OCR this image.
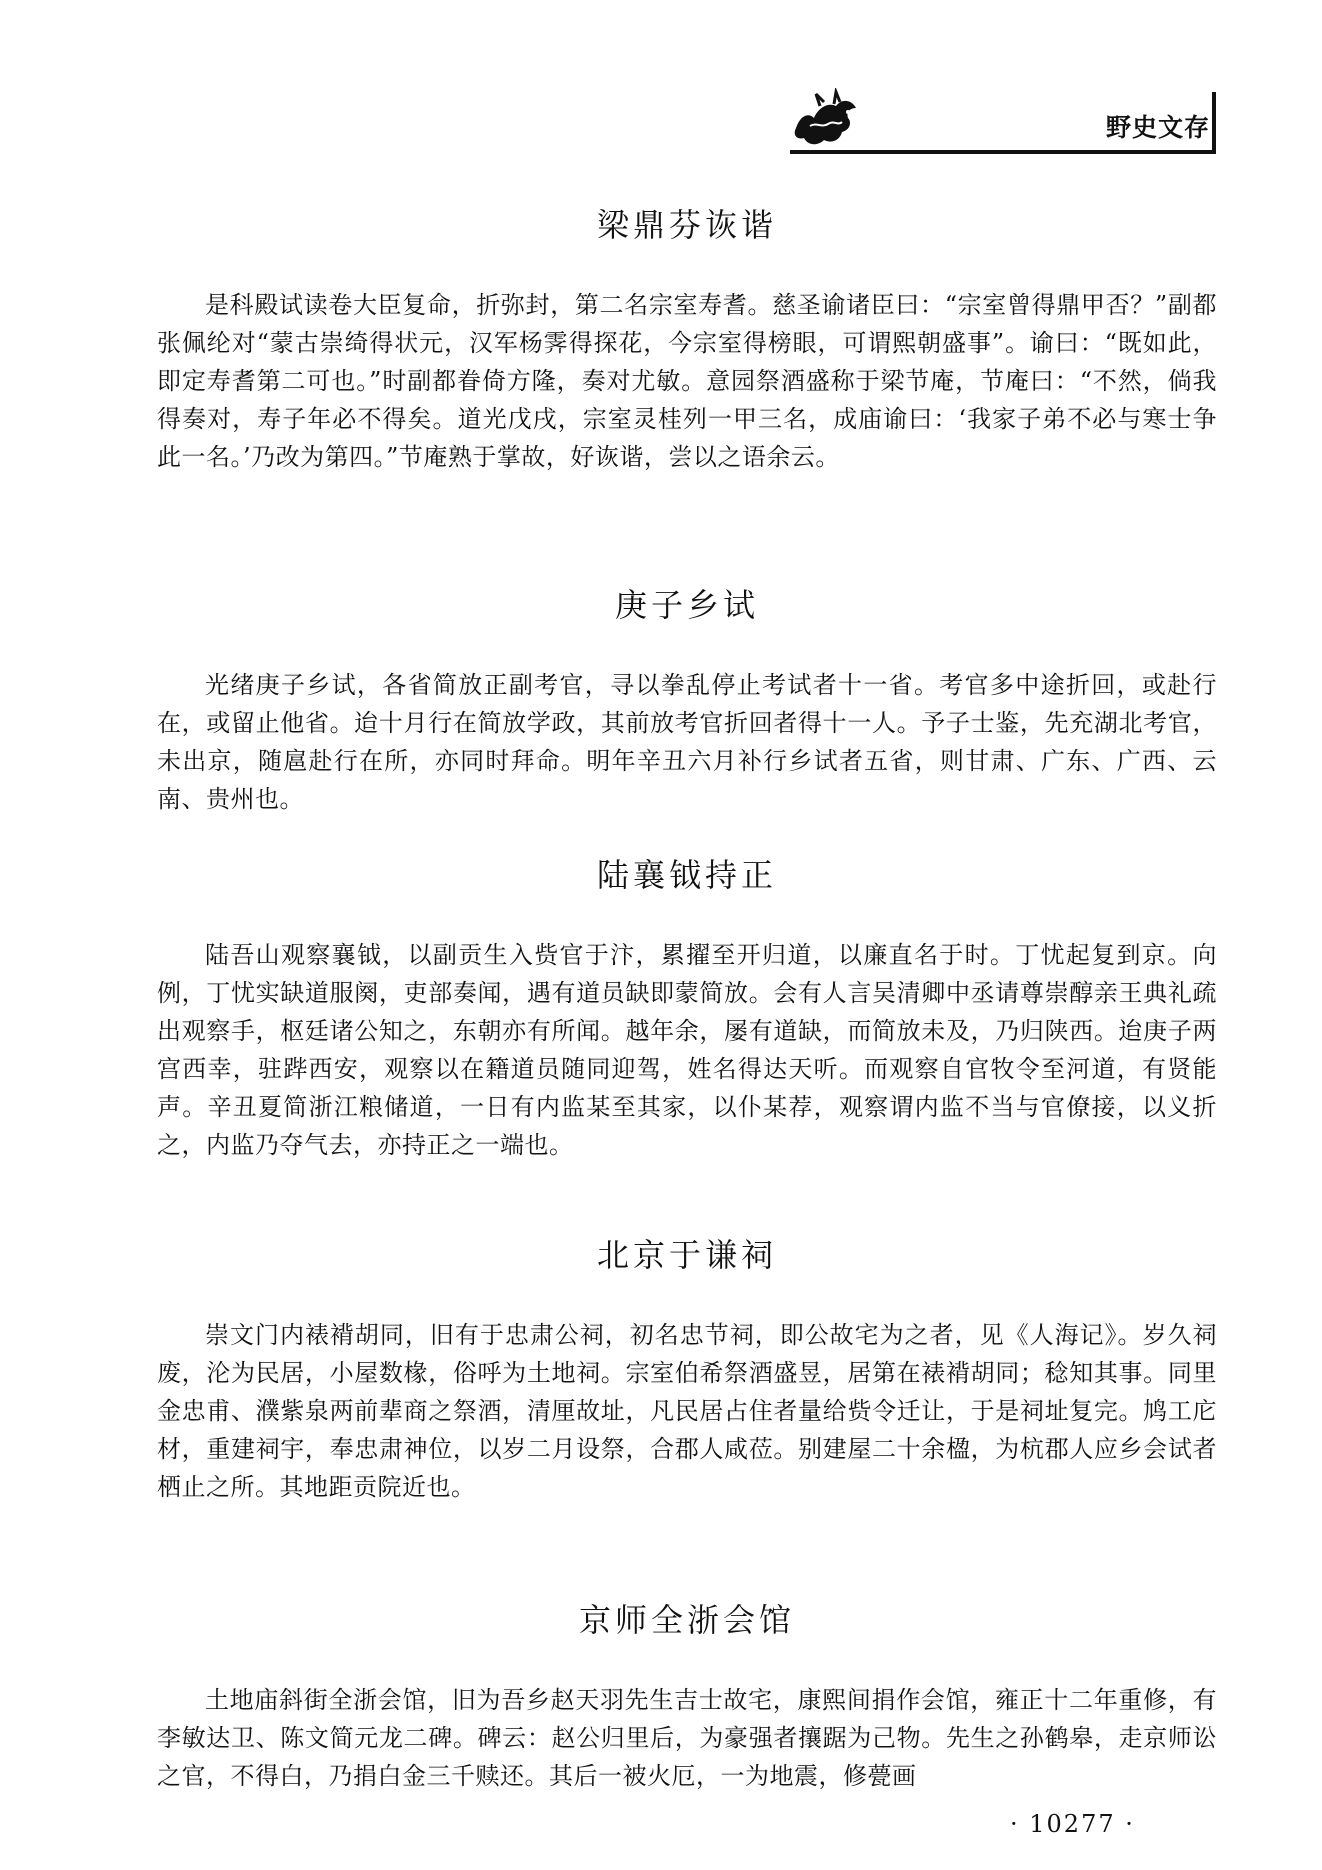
野史文存
梁鼎芬诙谐

是科殿试读卷大臣复命，折弥封，第二名宗室寿耆。慈圣谕诸臣曰：“宗室曾得鼎甲否？”副都张佩纶对“蒙古崇绮得状元，汉军杨霁得探花，今宗室得榜眼，可谓熙朝盛事”。谕曰：“既如此，即定寿耆第二可也。”时副都眷倚方隆，奏对尤敏。意园祭酒盛称于梁节庵，节庵曰：“不然，倘我得奏对，寿子年必不得矣。道光戊戌，宗室灵桂列一甲三名，成庙谕曰：‘我家子弟不必与寒士争此一名。’乃改为第四。”节庵熟于掌故，好诙谐，尝以之语余云。

庚子乡试

光绪庚子乡试，各省简放正副考官，寻以拳乱停止考试者十一省。考官多中途折回，或赴行在，或留止他省。迨十月行在简放学政，其前放考官折回者得十一人。予子士鉴，先充湖北考官，未出京，随扈赴行在所，亦同时拜命。明年辛丑六月补行乡试者五省，则甘肃、广东、广西、云南、贵州也。

陆襄钺持正

陆吾山观察襄钺，以副贡生入赀官于汴，累擢至开归道，以廉直名于时。丁忧起复到京。向例，丁忧实缺道服阕，吏部奏闻，遇有道员缺即蒙简放。会有人言吴清卿中丞请尊崇醇亲王典礼疏出观察手，枢廷诸公知之，东朝亦有所闻。越年余，屡有道缺，而简放未及，乃归陕西。迨庚子两宫西幸，驻跸西安，观察以在籍道员随同迎驾，姓名得达天听。而观察自官牧令至河道，有贤能声。辛丑夏简浙江粮储道，一日有内监某至其家，以仆某荐，观察谓内监不当与官僚接，以义折之，内监乃夺气去，亦持正之一端也。

北京于谦祠

崇文门内裱褙胡同，旧有于忠肃公祠，初名忠节祠，即公故宅为之者，见《人海记》。岁久祠废，沦为民居，小屋数椽，俗呼为土地祠。宗室伯希祭酒盛昱，居第在裱褙胡同；稔知其事。同里金忠甫、濮紫泉两前辈商之祭酒，清厘故址，凡民居占住者量给赀令迁让，于是祠址复完。鸠工庀材，重建祠宇，奉忠肃神位，以岁二月设祭，合郡人咸莅。别建屋二十余楹，为杭郡人应乡会试者栖止之所。其地距贡院近也。

京师全浙会馆

土地庙斜街全浙会馆，旧为吾乡赵天羽先生吉士故宅，康熙间捐作会馆，雍正十二年重修，有李敏达卫、陈文简元龙二碑。碑云：赵公归里后，为豪强者攘踞为己物。先生之孙鹤皋，走京师讼之官，不得白，乃捐白金三千赎还。其后一被火厄，一为地震，修甍画

· 10277 ·
